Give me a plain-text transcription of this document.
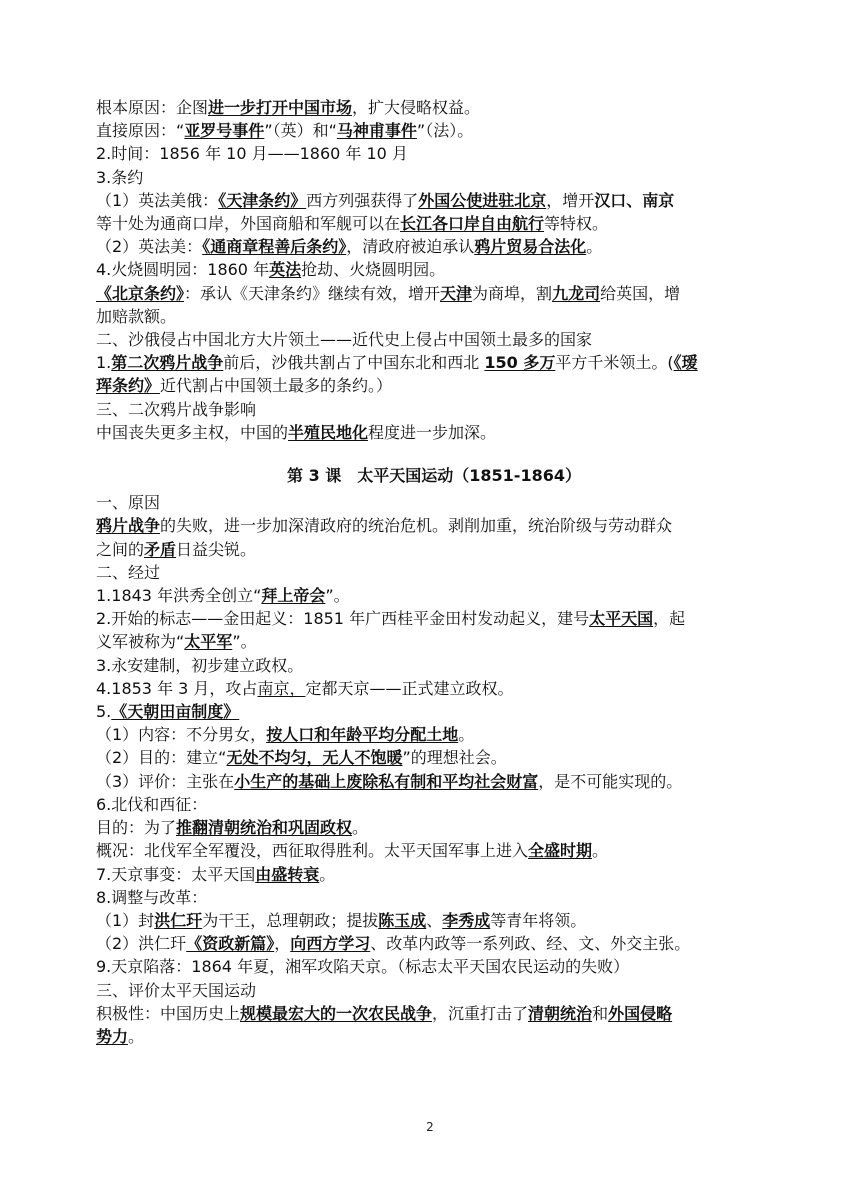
根本原因：企图进一步打开中国市场，扩大侵略权益。
直接原因：“亚罗号事件”（英）和“马神甫事件”（法）。
2.时间：1856 年 10 月——1860 年 10 月
3.条约
（1）英法美俄：《天津条约》西方列强获得了外国公使进驻北京，增开汉口、南京
等十处为通商口岸，外国商船和军舰可以在长江各口岸自由航行等特权。
（2）英法美：《通商章程善后条约》，清政府被迫承认鸦片贸易合法化。
4.火烧圆明园：1860 年英法抢劫、火烧圆明园。
《北京条约》：承认《天津条约》继续有效，增开天津为商埠，割九龙司给英国，增
加赔款额。
二、沙俄侵占中国北方大片领土——近代史上侵占中国领土最多的国家
1.第二次鸦片战争前后，沙俄共割占了中国东北和西北 150 多万平方千米领土。(《瑷
珲条约》近代割占中国领土最多的条约。）
三、二次鸦片战争影响
中国丧失更多主权，中国的半殖民地化程度进一步加深。
第 3 课　太平天国运动（1851-1864）
一、原因
鸦片战争的失败，进一步加深清政府的统治危机。剥削加重，统治阶级与劳动群众
之间的矛盾日益尖锐。
二、经过
1.1843 年洪秀全创立“拜上帝会”。
2.开始的标志——金田起义：1851 年广西桂平金田村发动起义，建号太平天国，起
义军被称为“太平军”。
3.永安建制，初步建立政权。
4.1853 年 3 月，攻占南京，定都天京——正式建立政权。
5.《天朝田亩制度》
（1）内容：不分男女，按人口和年龄平均分配土地。
（2）目的：建立“无处不均匀，无人不饱暖”的理想社会。
（3）评价：主张在小生产的基础上废除私有制和平均社会财富，是不可能实现的。
6.北伐和西征：
目的：为了推翻清朝统治和巩固政权。
概况：北伐军全军覆没，西征取得胜利。太平天国军事上进入全盛时期。
7.天京事变：太平天国由盛转衰。
8.调整与改革：
（1）封洪仁玕为干王，总理朝政；提拔陈玉成、李秀成等青年将领。
（2）洪仁玕《资政新篇》，向西方学习、改革内政等一系列政、经、文、外交主张。
9.天京陷落：1864 年夏，湘军攻陷天京。（标志太平天国农民运动的失败）
三、评价太平天国运动
积极性：中国历史上规模最宏大的一次农民战争，沉重打击了清朝统治和外国侵略
势力。
2
